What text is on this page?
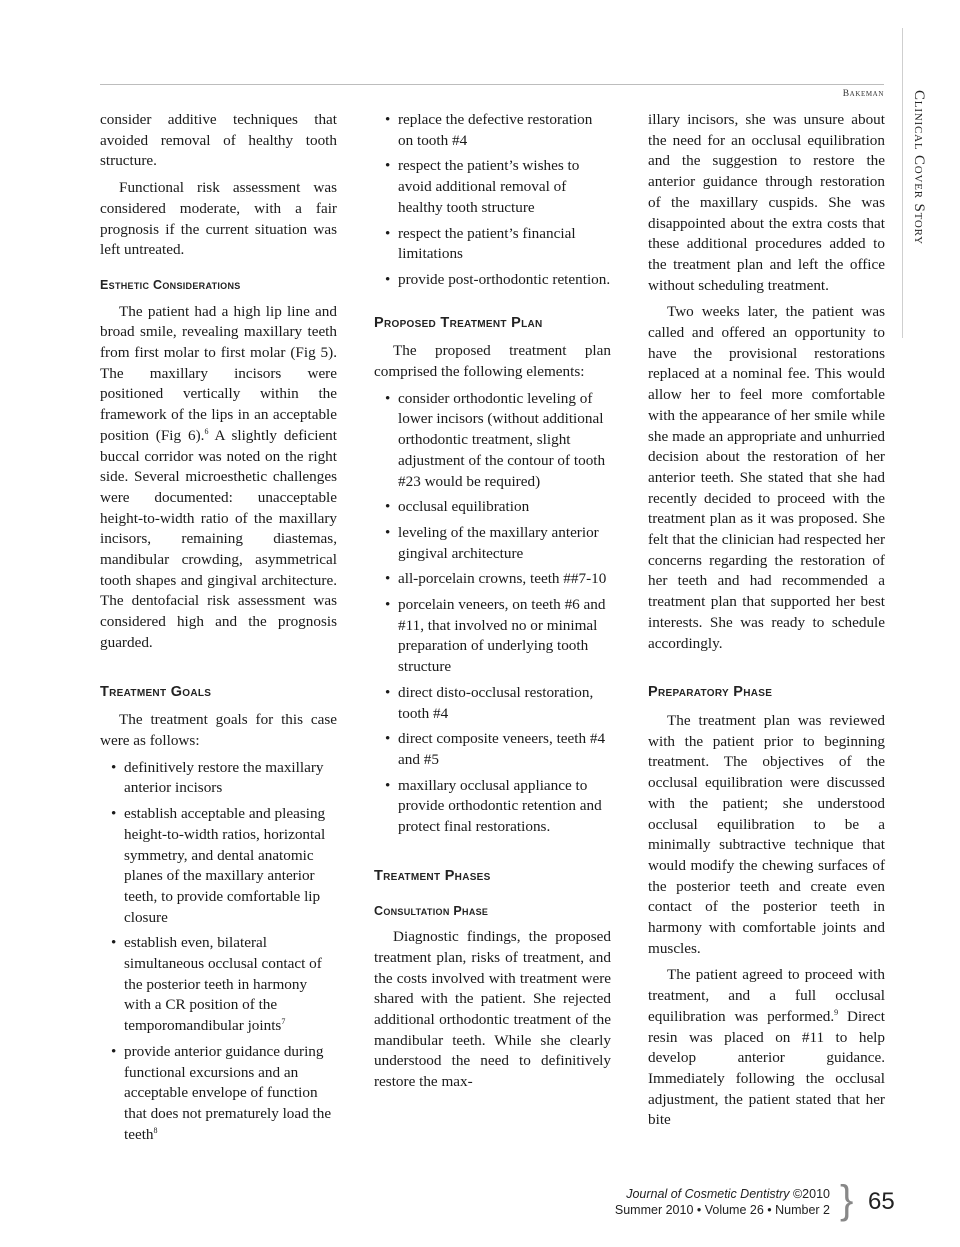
Bakeman Clinical Cover Story

consider additive techniques that avoided removal of healthy tooth structure.

Functional risk assessment was considered moderate, with a fair prognosis if the current situation was left untreated.

Esthetic Considerations

The patient had a high lip line and broad smile, revealing maxillary teeth from first molar to first molar (Fig 5). The maxillary incisors were positioned vertically within the framework of the lips in an acceptable position (Fig 6).$^6$ A slightly deficient buccal corridor was noted on the right side. Several microesthetic challenges were documented: unacceptable height-to-width ratio of the maxillary incisors, remaining diastemas, mandibular crowding, asymmetrical tooth shapes and gingival architecture. The dentofacial risk assessment was considered high and the prognosis guarded.

Treatment Goals

The treatment goals for this case were as follows:

• definitively restore the maxillary anterior incisors
• establish acceptable and pleasing height-to-width ratios, horizontal symmetry, and dental anatomic planes of the maxillary anterior teeth, to provide comfortable lip closure
• establish even, bilateral simultaneous occlusal contact of the posterior teeth in harmony with a CR position of the temporomandibular joints$^7$
• provide anterior guidance during functional excursions and an acceptable envelope of function that does not prematurely load the teeth$^8$
• replace the defective restoration on tooth #4
• respect the patient’s wishes to avoid additional removal of healthy tooth structure
• respect the patient’s financial limitations
• provide post-orthodontic retention.
Proposed Treatment Plan

The proposed treatment plan comprised the following elements:

• consider orthodontic leveling of lower incisors (without additional orthodontic treatment, slight adjustment of the contour of tooth #23 would be required)
• occlusal equilibration
• leveling of the maxillary anterior gingival architecture
• all-porcelain crowns, teeth ##7-10
• porcelain veneers, on teeth #6 and #11, that involved no or minimal preparation of underlying tooth structure
• direct disto-occlusal restoration, tooth #4
• direct composite veneers, teeth #4 and #5
• maxillary occlusal appliance to provide orthodontic retention and protect final restorations.
Treatment Phases
Consultation Phase

Diagnostic findings, the proposed treatment plan, risks of treatment, and the costs involved with treatment were shared with the patient. She rejected additional orthodontic treatment of the mandibular teeth. While she clearly understood the need to definitively restore the max-

illary incisors, she was unsure about the need for an occlusal equilibration and the suggestion to restore the anterior guidance through restoration of the maxillary cuspids. She was disappointed about the extra costs that these additional procedures added to the treatment plan and left the office without scheduling treatment.

Two weeks later, the patient was called and offered an opportunity to have the provisional restorations replaced at a nominal fee. This would allow her to feel more comfortable with the appearance of her smile while she made an appropriate and unhurried decision about the restoration of her anterior teeth. She stated that she had recently decided to proceed with the treatment plan as it was proposed. She felt that the clinician had respected her concerns regarding the restoration of her teeth and had recommended a treatment plan that supported her best interests. She was ready to schedule accordingly.

Preparatory Phase

The treatment plan was reviewed with the patient prior to beginning treatment. The objectives of the occlusal equilibration were discussed with the patient; she understood occlusal equilibration to be a minimally subtractive technique that would modify the chewing surfaces of the posterior teeth and create even contact of the posterior teeth in harmony with comfortable joints and muscles.

The patient agreed to proceed with treatment, and a full occlusal equilibration was performed.$^9$ Direct resin was placed on #11 to help develop anterior guidance. Immediately following the occlusal adjustment, the patient stated that her bite

Journal of Cosmetic Dentistry ©2010
Summer 2010 • Volume 26 • Number 2 } 65
